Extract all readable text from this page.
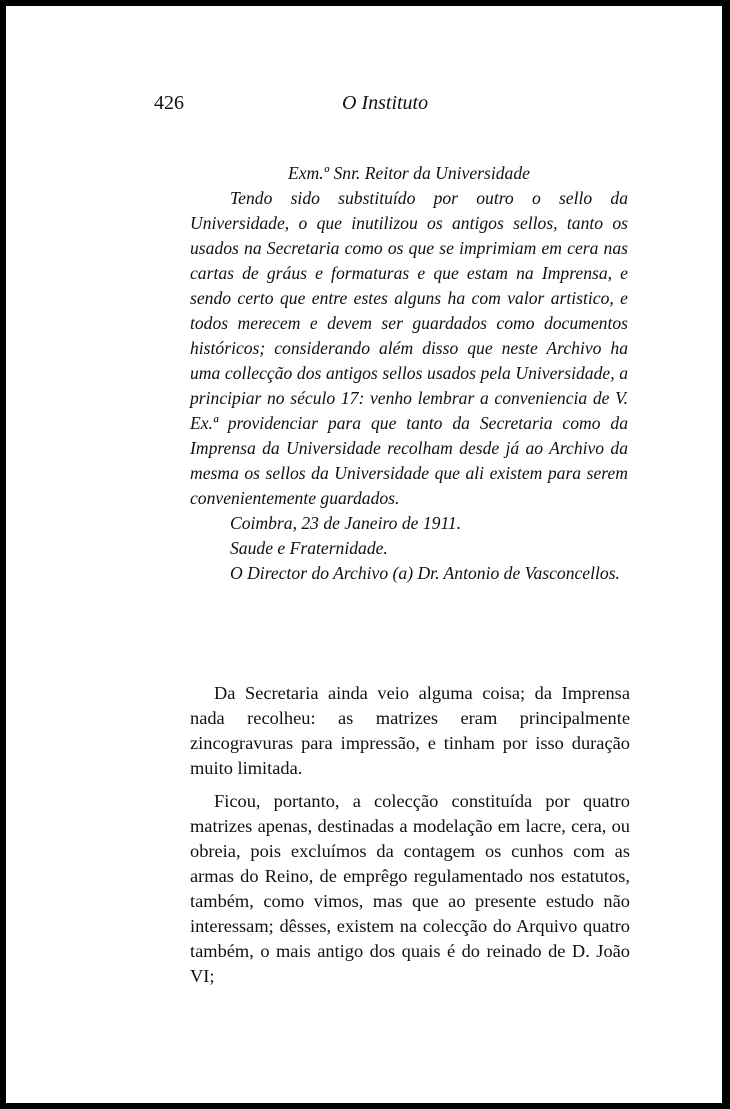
426	O Instituto

Exm.º Snr. Reitor da Universidade

Tendo sido substituído por outro o sello da Universidade, o que inutilizou os antigos sellos, tanto os usados na Secretaria como os que se imprimiam em cera nas cartas de gráus e formaturas e que estam na Imprensa, e sendo certo que entre estes alguns ha com valor artistico, e todos merecem e devem ser guardados como documentos históricos; considerando além disso que neste Archivo ha uma collecção dos antigos sellos usados pela Universidade, a principiar no século 17: venho lembrar a conveniencia de V. Ex.ª providenciar para que tanto da Secretaria como da Imprensa da Universidade recolham desde já ao Archivo da mesma os sellos da Universidade que ali existem para serem convenientemente guardados.

Coimbra, 23 de Janeiro de 1911.

Saude e Fraternidade.

O Director do Archivo (a) Dr. Antonio de Vasconcellos.

Da Secretaria ainda veio alguma coisa; da Imprensa nada recolheu: as matrizes eram principalmente zincogravuras para impressão, e tinham por isso duração muito limitada.

Ficou, portanto, a colecção constituída por quatro matrizes apenas, destinadas a modelação em lacre, cera, ou obreia, pois excluímos da contagem os cunhos com as armas do Reino, de emprêgo regulamentado nos estatutos, também, como vimos, mas que ao presente estudo não interessam; dêsses, existem na colecção do Arquivo quatro também, o mais antigo dos quais é do reinado de D. João VI;
